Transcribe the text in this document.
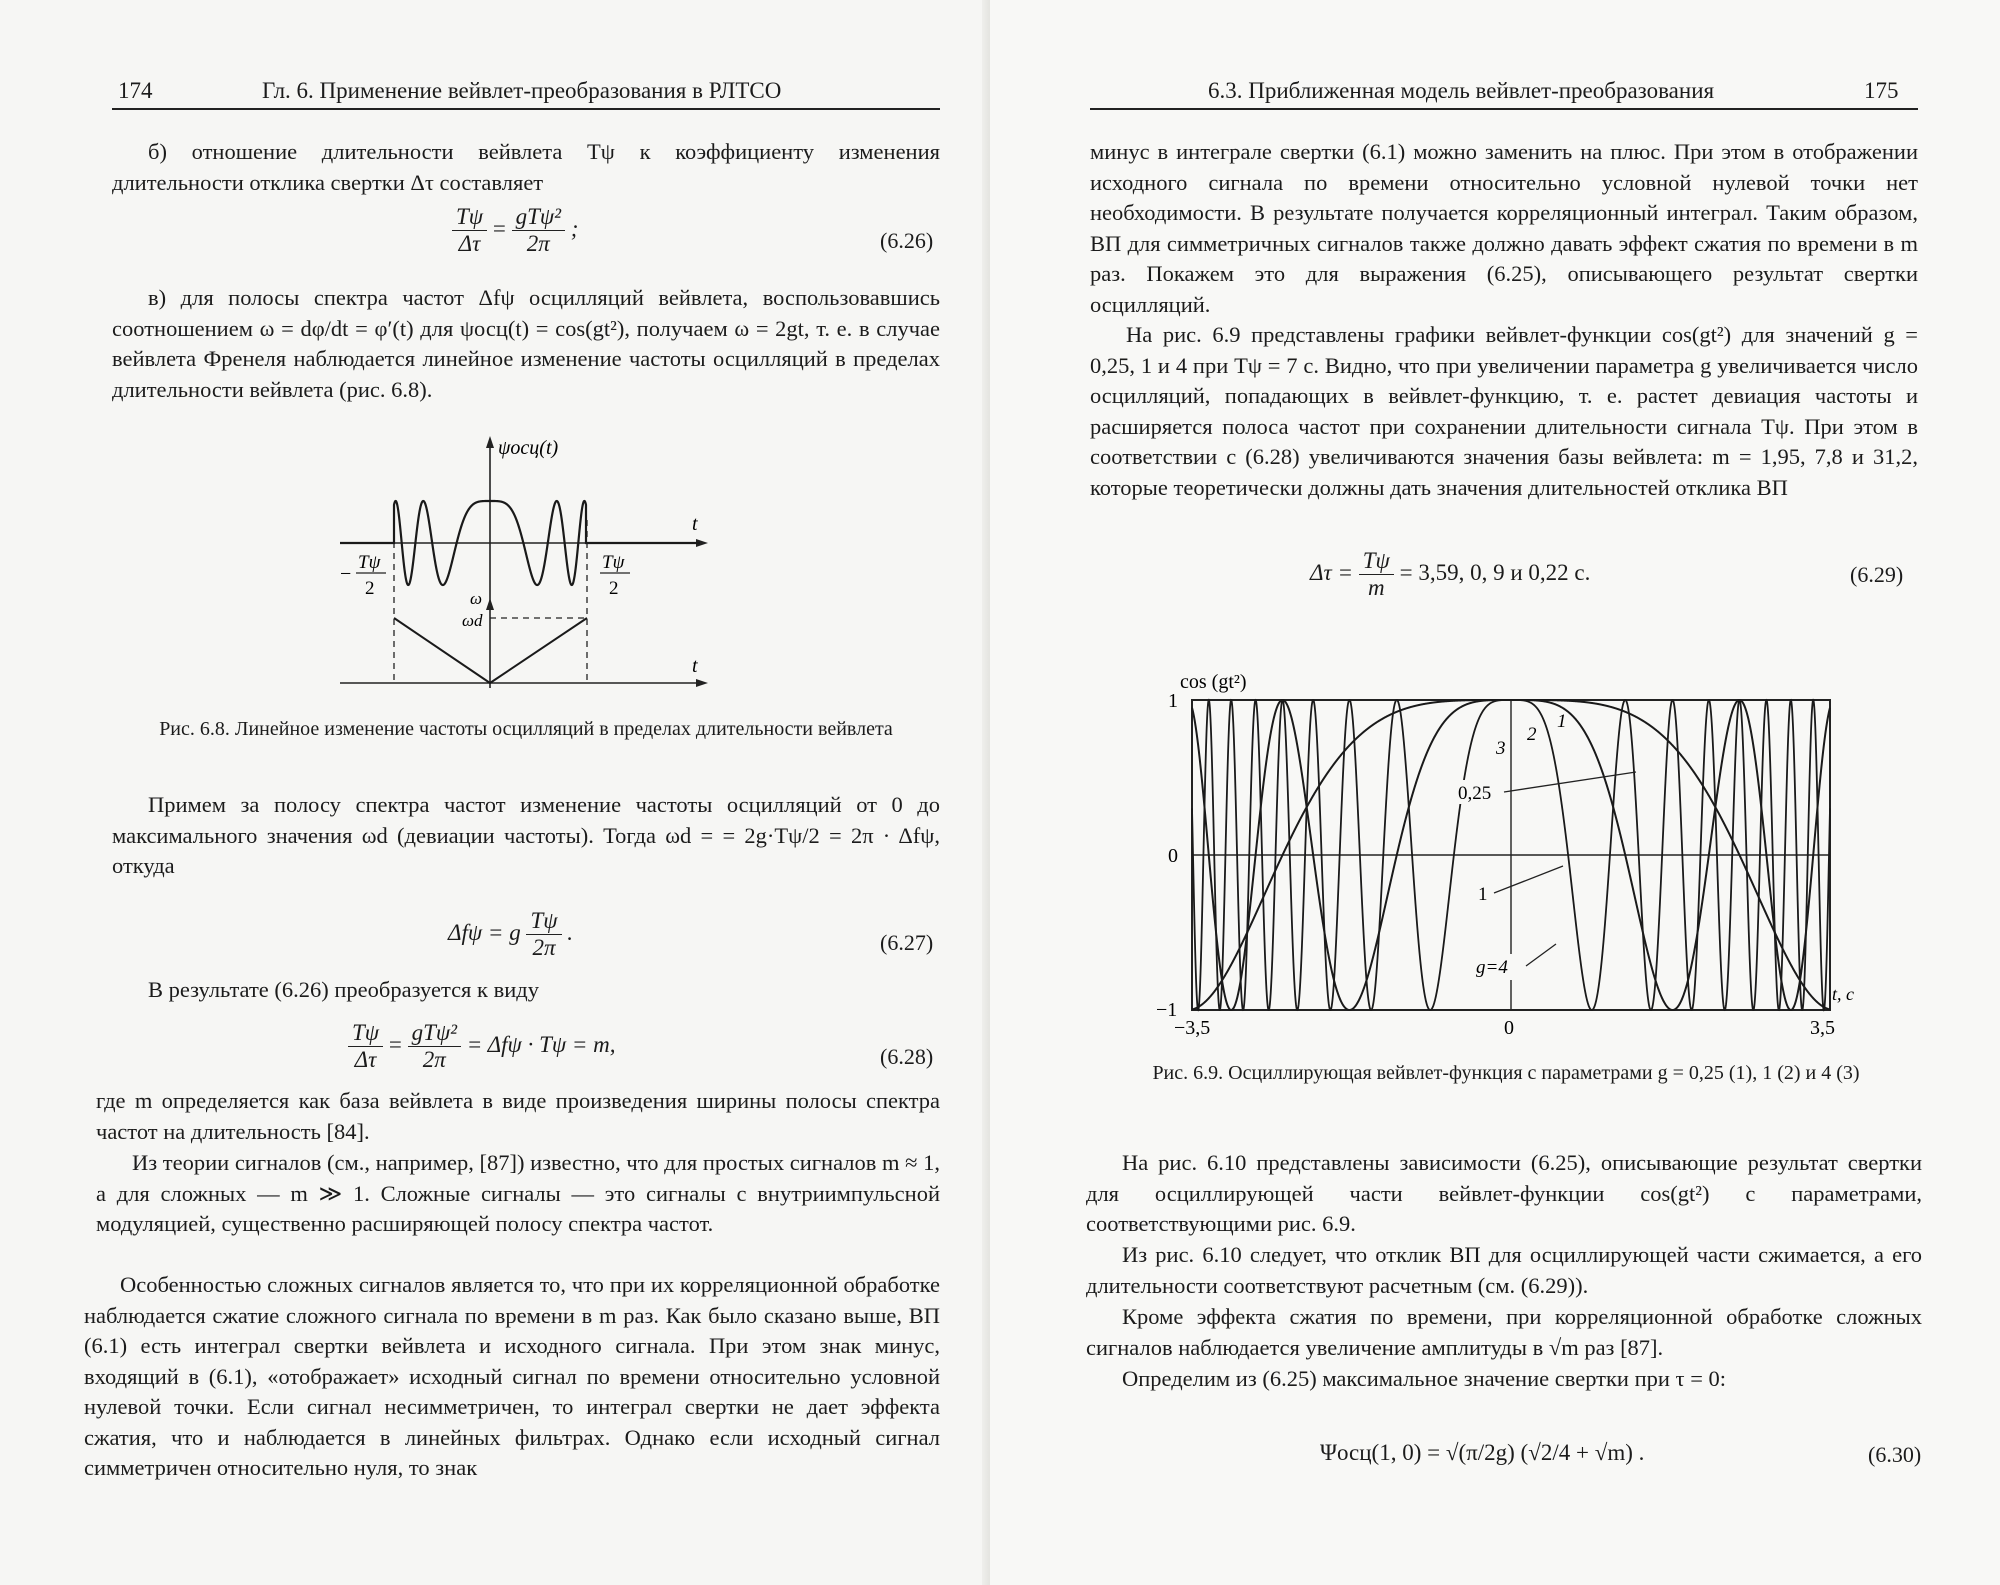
174	Гл. 6. Применение вейвлет-преобразования в РЛТСО
б) отношение длительности вейвлета Tψ к коэффициенту изменения длительности отклика свертки Δτ составляет
$\frac{T\psi}{\Delta\tau} = \frac{\text{gTψ²}}{2\pi}$ ;	(6.26)
в) для полосы спектра частот Δfψ осцилляций вейвлета, воспользовавшись соотношением ω = dφ/dt = φ′(t) для ψосц(t) = cos(gt²), получаем ω = 2gt, т. е. в случае вейвлета Френеля наблюдается линейное изменение частоты осцилляций в пределах длительности вейвлета (рис. 6.8).
ψосц(t)
t
t
−
Tψ
2
Tψ
2
ω
ωd
Рис. 6.8. Линейное изменение частоты осцилляций в пределах длительности вейвлета
Примем за полосу спектра частот изменение частоты осцилляций от 0 до максимального значения ωd (девиации частоты). Тогда ωd = = 2g·Tψ/2 = 2π · Δfψ, откуда
Δfψ = g $\frac{T\psi}{2\pi}$ .	(6.27)
В результате (6.26) преобразуется к виду
$\frac{T\psi}{\Delta\tau} = \frac{\text{gTψ²}}{2\pi} = \Delta f\psi \cdot T\psi = m$,	(6.28)
где m определяется как база вейвлета в виде произведения ширины полосы спектра частот на длительность [84].
Из теории сигналов (см., например, [87]) известно, что для простых сигналов m ≈ 1, а для сложных — m ≫ 1. Сложные сигналы — это сигналы с внутриимпульсной модуляцией, существенно расширяющей полосу спектра частот.
Особенностью сложных сигналов является то, что при их корреляционной обработке наблюдается сжатие сложного сигнала по времени в m раз. Как было сказано выше, ВП (6.1) есть интеграл свертки вейвлета и исходного сигнала. При этом знак минус, входящий в (6.1), «отображает» исходный сигнал по времени относительно условной нулевой точки. Если сигнал несимметричен, то интеграл свертки не дает эффекта сжатия, что и наблюдается в линейных фильтрах. Однако если исходный сигнал симметричен относительно нуля, то знак
6.3. Приближенная модель вейвлет-преобразования	175
минус в интеграле свертки (6.1) можно заменить на плюс. При этом в отображении исходного сигнала по времени относительно условной нулевой точки нет необходимости. В результате получается корреляционный интеграл. Таким образом, ВП для симметричных сигналов также должно давать эффект сжатия по времени в m раз. Покажем это для выражения (6.25), описывающего результат свертки осцилляций.
На рис. 6.9 представлены графики вейвлет-функции cos(gt²) для значений g = 0,25, 1 и 4 при Tψ = 7 с. Видно, что при увеличении параметра g увеличивается число осцилляций, попадающих в вейвлет-функцию, т. е. растет девиация частоты и расширяется полоса частот при сохранении длительности сигнала Tψ. При этом в соответствии с (6.28) увеличиваются значения базы вейвлета: m = 1,95, 7,8 и 31,2, которые теоретически должны дать значения длительностей отклика ВП
$\Delta\tau = \frac{T\psi}{m} = 3,59$, 0, 9 и 0,22 с.	(6.29)
cos (gt²)
1
0
−1
−3,5	0	3,5
t, с
3
2
1
0,25
1
g=4
Рис. 6.9. Осциллирующая вейвлет-функция с параметрами g = 0,25 (1), 1 (2) и 4 (3)
На рис. 6.10 представлены зависимости (6.25), описывающие результат свертки для осциллирующей части вейвлет-функции cos(gt²) с параметрами, соответствующими рис. 6.9.
Из рис. 6.10 следует, что отклик ВП для осциллирующей части сжимается, а его длительности соответствуют расчетным (см. (6.29)).
Кроме эффекта сжатия по времени, при корреляционной обработке сложных сигналов наблюдается увеличение амплитуды в √m раз [87].
Определим из (6.25) максимальное значение свертки при τ = 0:
Ψосц(1, 0) = √(π/2g) (√2/4 + √m) .	(6.30)
